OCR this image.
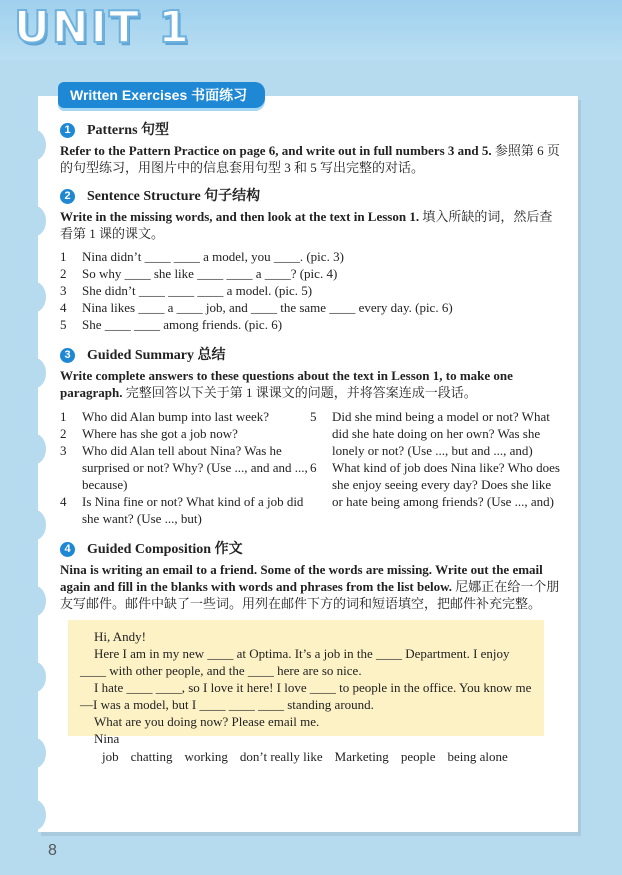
UNIT 1
Written Exercises 书面练习
1	Patterns 句型

Refer to the Pattern Practice on page 6, and write out in full numbers 3 and 5. 参照第 6 页的句型练习，用图片中的信息套用句型 3 和 5 写出完整的对话。

2	Sentence Structure 句子结构

Write in the missing words, and then look at the text in Lesson 1. 填入所缺的词，然后查看第 1 课的课文。

1	Nina didn’t ____ ____ a model, you ____. (pic. 3)
2	So why ____ she like ____ ____ a ____? (pic. 4)
3	She didn’t ____ ____ ____ a model. (pic. 5)
4	Nina likes ____ a ____ job, and ____ the same ____ every day. (pic. 6)
5	She ____ ____ among friends. (pic. 6)
3	Guided Summary 总结

Write complete answers to these questions about the text in Lesson 1, to make one paragraph. 完整回答以下关于第 1 课课文的问题，并将答案连成一段话。

1	Who did Alan bump into last week?
2	Where has she got a job now?
3	Who did Alan tell about Nina? Was he surprised or not? Why? (Use ..., and and ..., because)
4	Is Nina fine or not? What kind of a job did she want? (Use ..., but)
5	Did she mind being a model or not? What did she hate doing on her own? Was she lonely or not? (Use ..., but and ..., and)
6	What kind of job does Nina like? Who does she enjoy seeing every day? Does she like or hate being among friends? (Use ..., and)
4	Guided Composition 作文

Nina is writing an email to a friend. Some of the words are missing. Write out the email again and fill in the blanks with words and phrases from the list below. 尼娜正在给一个朋友写邮件。邮件中缺了一些词。用列在邮件下方的词和短语填空，把邮件补充完整。

Hi, Andy!

Here I am in my new ____ at Optima. It’s a job in the ____ Department. I enjoy ____ with other people, and the ____ here are so nice.

I hate ____ ____, so I love it here! I love ____ to people in the office. You know me—I was a model, but I ____ ____ ____ standing around.

What are you doing now? Please email me.

Nina

job chatting working don’t really like Marketing people being alone
8
